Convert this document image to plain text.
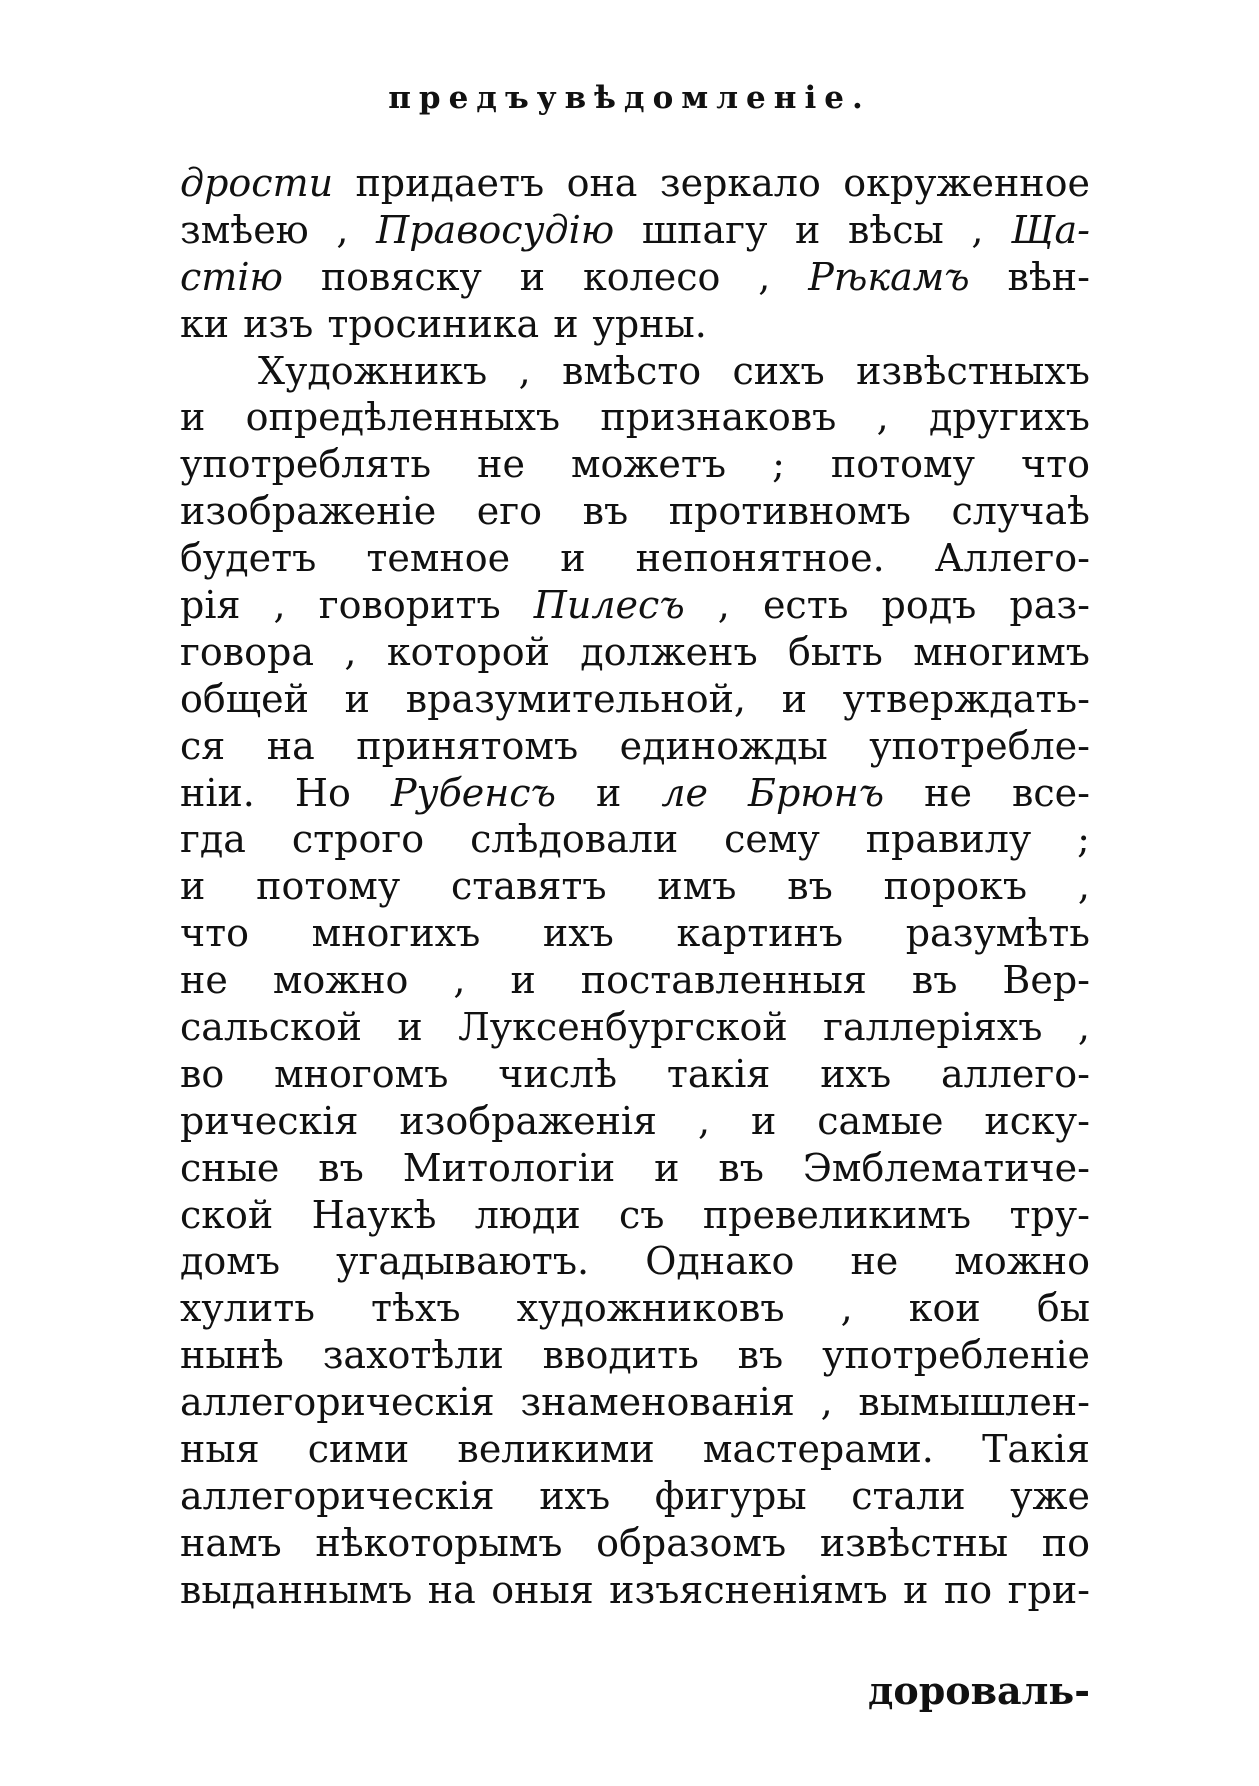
предъувѣдомленiе.
дрости придаетъ она зеркало окруженное
змѣею , Правосудiю шпагу и вѣсы , Ща-
стiю повяску и колесо , Рѣкамъ вѣн-
ки изъ тросиника и урны.
Художникъ , вмѣсто сихъ извѣстныхъ
и опредѣленныхъ признаковъ , другихъ
употреблять не можетъ ; потому что
изображенiе его въ противномъ случаѣ
будетъ темное и непонятное. Аллего-
рiя , говоритъ Пилесъ , есть родъ раз-
говора , которой долженъ быть многимъ
общей и вразумительной, и утверждать-
ся на принятомъ единожды употребле-
нiи. Но Рубенсъ и ле Брюнъ не все-
гда строго слѣдовали сему правилу ;
и потому ставятъ имъ въ порокъ ,
что многихъ ихъ картинъ разумѣть
не можно , и поставленныя въ Вер-
сальской и Луксенбургской галлерiяхъ ,
во многомъ числѣ такiя ихъ аллего-
рическiя изображенiя , и самые иску-
сные въ Митологiи и въ Эмблематиче-
ской Наукѣ люди съ превеликимъ тру-
домъ угадываютъ. Однако не можно
хулить тѣхъ художниковъ , кои бы
нынѣ захотѣли вводить въ употребленiе
аллегорическiя знаменованiя , вымышлен-
ныя сими великими мастерами. Такiя
аллегорическiя ихъ фигуры стали уже
намъ нѣкоторымъ образомъ извѣстны по
выданнымъ на оныя изъясненiямъ и по гри-
дороваль-
